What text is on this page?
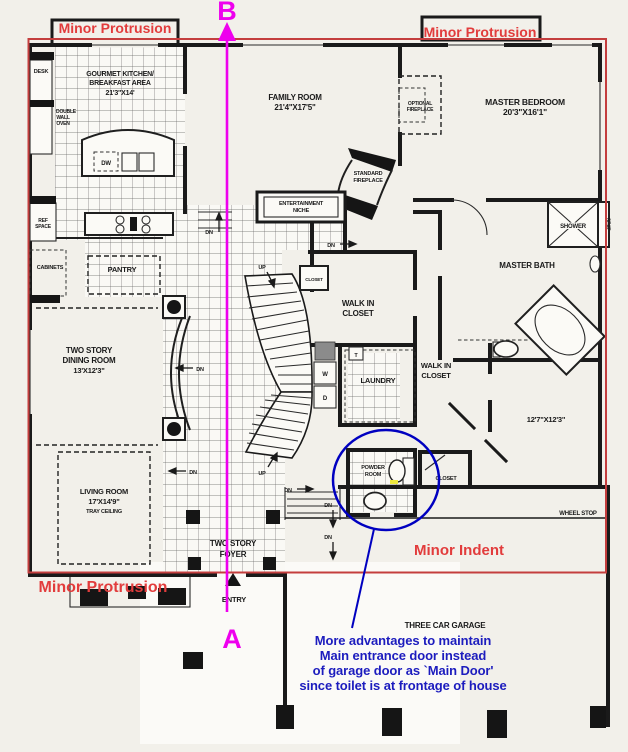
GOURMET KITCHEN/
BREAKFAST AREA
21'3"X14'
DESK
DOUBLE
WALL
OVEN
REF
SPACE
CABINETS
DW
PANTRY
FAMILY ROOM
21'4"X17'5"
MASTER BEDROOM
20'3"X16'1"
OPTIONAL
FIREPLACE
STANDARD
FIREPLACE
ENTERTAINMENT
NICHE
TWO STORY
DINING ROOM
13'X12'3"
WALK IN
CLOSET
MASTER BATH
SHOWER	SEAT
LAUNDRY
T
W
D
WALK IN
CLOSET
CLOSET
CLOSET
12'7"X12'3"
LIVING ROOM
17'X14'9"
TRAY CEILING
TWO STORY
FOYER
POWDER
ROOM
ENTRY
THREE CAR GARAGE
WHEEL STOP
DN
DN
DN
DN
DN
DN
DN
UP
UP
Minor Protrusion	Minor Protrusion
Minor Protrusion
Minor Indent
B
A	More advantages to maintain
Main entrance door instead
of garage door as `Main Door'
since toilet is at frontage of house
